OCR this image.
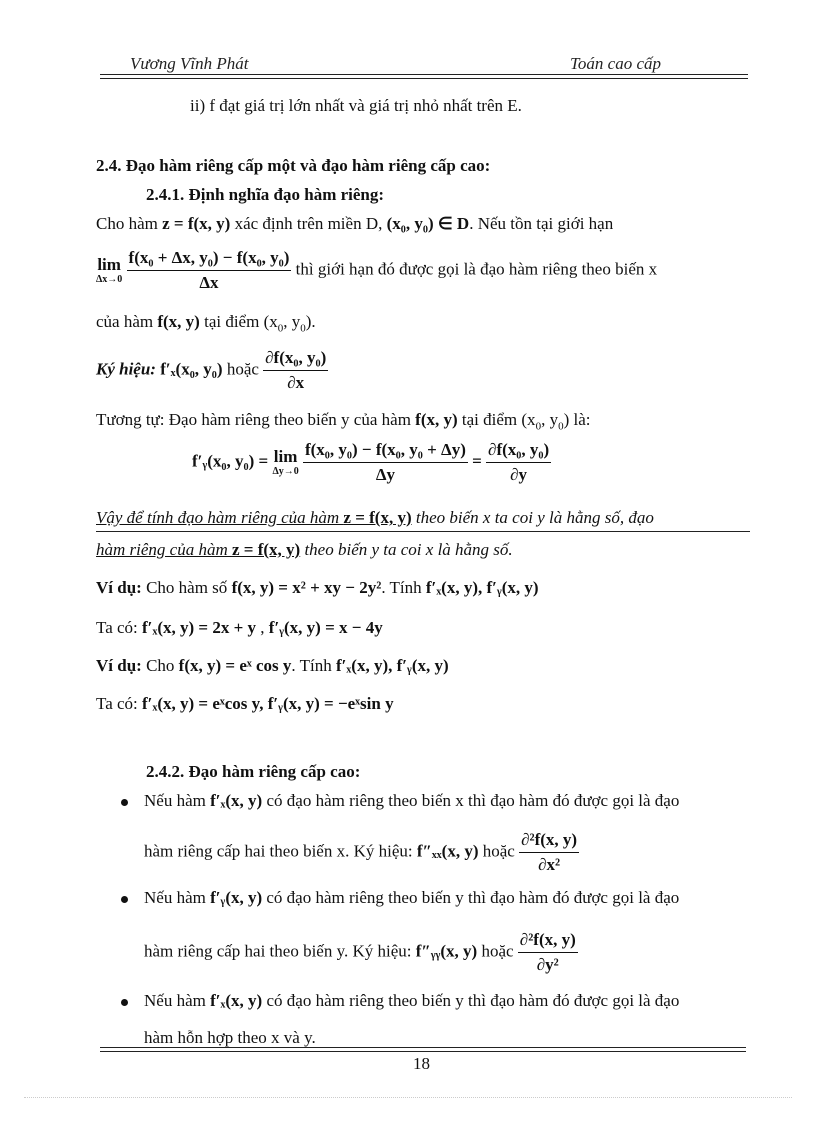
Vương Vĩnh Phát	Toán cao cấp
ii) f đạt giá trị lớn nhất và giá trị nhỏ nhất trên E.
2.4. Đạo hàm riêng cấp một và đạo hàm riêng cấp cao:
2.4.1. Định nghĩa đạo hàm riêng:
Cho hàm z = f(x, y) xác định trên miền D, (x₀, y₀) ∈ D. Nếu tồn tại giới hạn
lim
Δx→0
$\frac{\text{f(x₀ + Δx, y₀) − f(x₀, y₀)}}{\Delta x}$ thì giới hạn đó được gọi là đạo hàm riêng theo biến x
của hàm f(x, y) tại điểm ($x_0$, $y_0$).
Ký hiệu: f′ₓ(x₀, y₀) hoặc $\frac{\text{∂f(x₀, y₀)}}{\partial x}$
Tương tự: Đạo hàm riêng theo biến y của hàm f(x, y) tại điểm ($x_0$, $y_0$) là:
f′ᵧ(x₀, y₀) = lim
Δy→0
$\frac{\text{f(x₀, y₀) − f(x₀, y₀ + Δy)}}{\Delta y} = \frac{\text{∂f(x₀, y₀)}}{\partial y}$
Vậy để tính đạo hàm riêng của hàm z = f(x, y) theo biến x ta coi y là hằng số, đạo
hàm riêng của hàm z = f(x, y) theo biến y ta coi x là hằng số.
Ví dụ: Cho hàm số f(x, y) = x² + xy − 2y². Tính f′ₓ(x, y), f′ᵧ(x, y)
Ta có: f′ₓ(x, y) = 2x + y , f′ᵧ(x, y) = x − 4y
Ví dụ: Cho f(x, y) = eˣ cos y. Tính f′ₓ(x, y), f′ᵧ(x, y)
Ta có: f′ₓ(x, y) = eˣcos y, f′ᵧ(x, y) = −eˣsin y
2.4.2. Đạo hàm riêng cấp cao:
Nếu hàm f′ₓ(x, y) có đạo hàm riêng theo biến x thì đạo hàm đó được gọi là đạo
hàm riêng cấp hai theo biến x. Ký hiệu: f″ₓₓ(x, y) hoặc $\frac{\text{∂²f(x, y)}}{\text{∂x²}}$
Nếu hàm f′ᵧ(x, y) có đạo hàm riêng theo biến y thì đạo hàm đó được gọi là đạo
hàm riêng cấp hai theo biến y. Ký hiệu: f″ᵧᵧ(x, y) hoặc $\frac{\text{∂²f(x, y)}}{\text{∂y²}}$
Nếu hàm f′ₓ(x, y) có đạo hàm riêng theo biến y thì đạo hàm đó được gọi là đạo
hàm hỗn hợp theo x và y.
18
